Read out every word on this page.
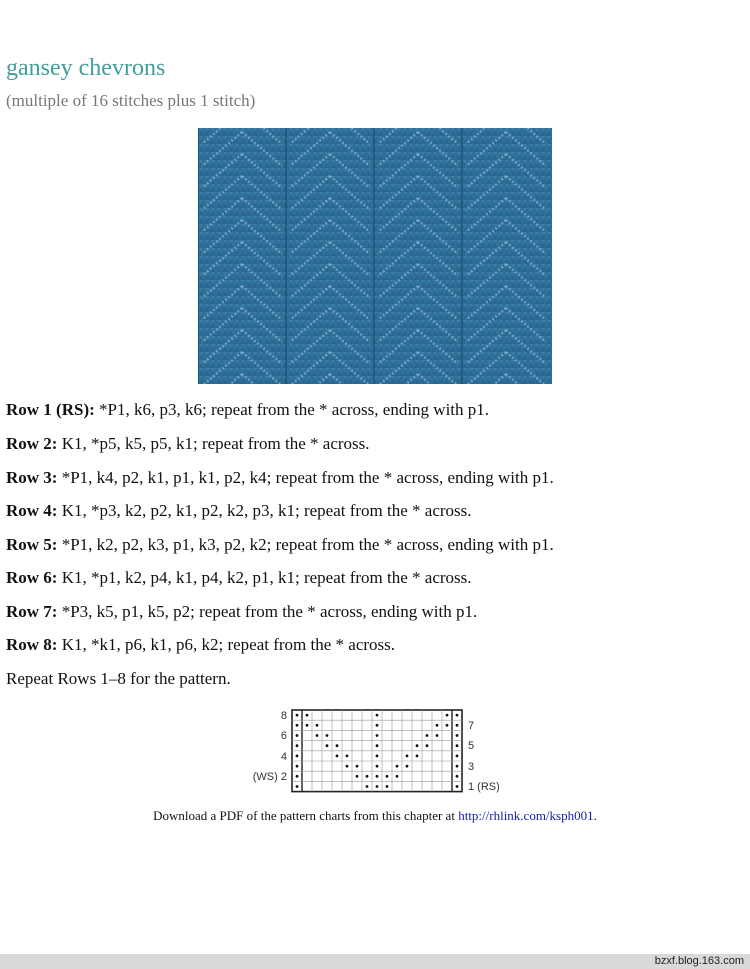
gansey chevrons
(multiple of 16 stitches plus 1 stitch)
Row 1 (RS): *P1, k6, p3, k6; repeat from the * across, ending with p1.
Row 2: K1, *p5, k5, p5, k1; repeat from the * across.
Row 3: *P1, k4, p2, k1, p1, k1, p2, k4; repeat from the * across, ending with p1.
Row 4: K1, *p3, k2, p2, k1, p2, k2, p3, k1; repeat from the * across.
Row 5: *P1, k2, p2, k3, p1, k3, p2, k2; repeat from the * across, ending with p1.
Row 6: K1, *p1, k2, p4, k1, p4, k2, p1, k1; repeat from the * across.
Row 7: *P3, k5, p1, k5, p2; repeat from the * across, ending with p1.
Row 8: K1, *k1, p6, k1, p6, k2; repeat from the * across.
Repeat Rows 1–8 for the pattern.
8
6
4
(WS) 2
7
5
3
1 (RS)
Download a PDF of the pattern charts from this chapter at http://rhlink.com/ksph001.
bzxf.blog.163.com
